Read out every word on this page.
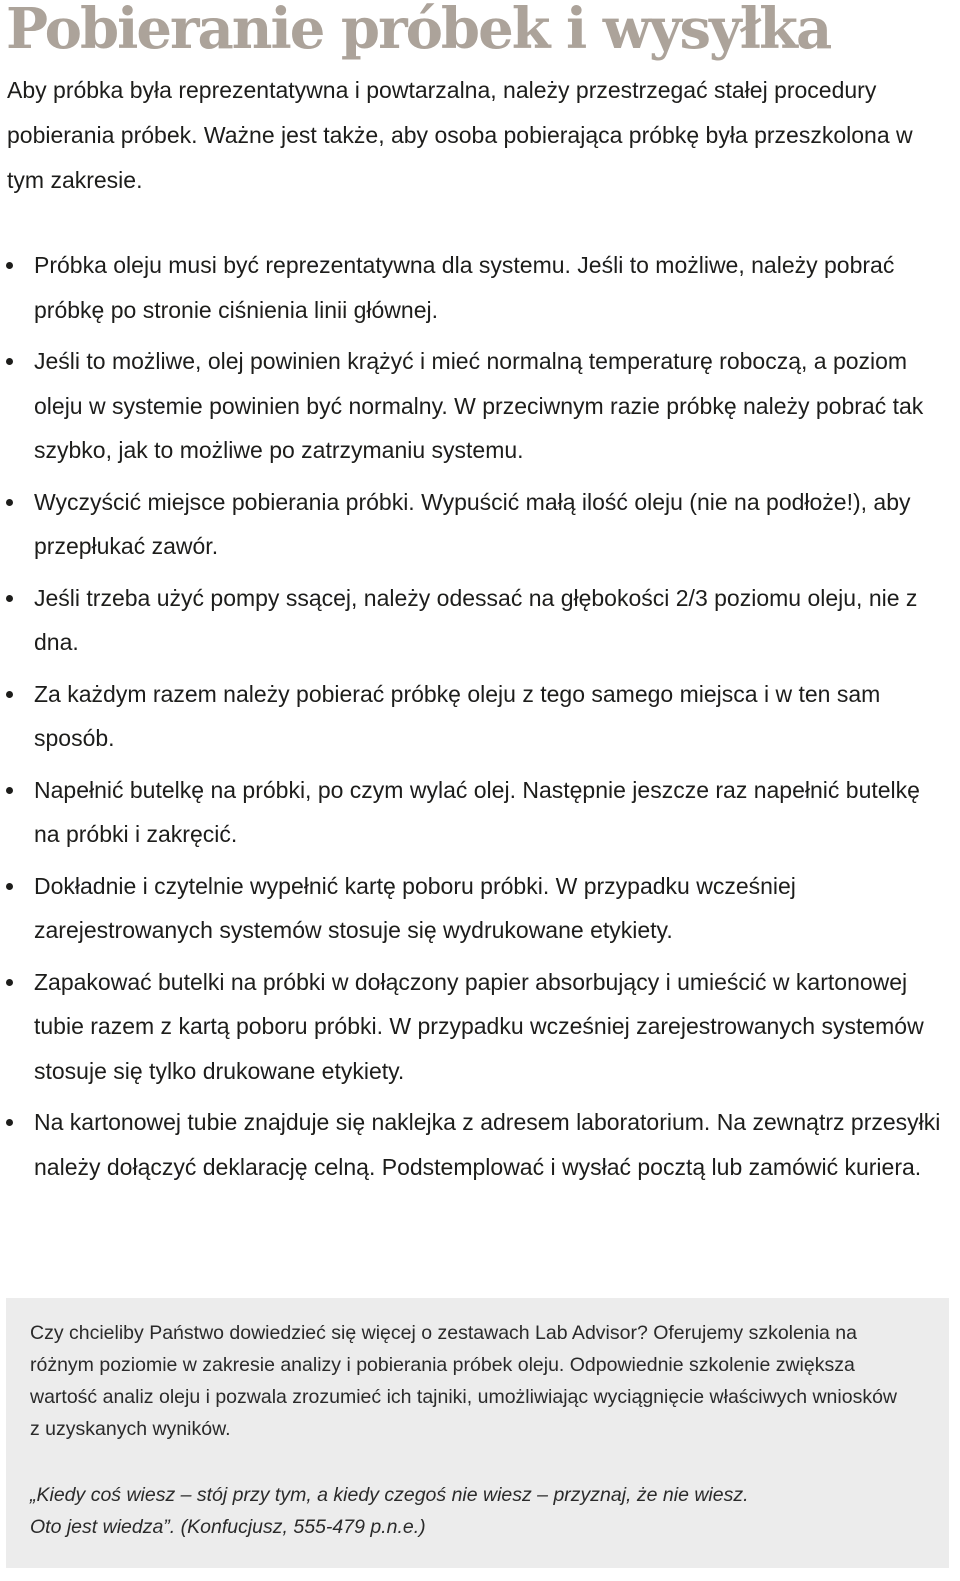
Pobieranie próbek i wysyłka

Aby próbka była reprezentatywna i powtarzalna, należy przestrzegać stałej procedury pobierania próbek. Ważne jest także, aby osoba pobierająca próbkę była przeszkolona w tym zakresie.

Próbka oleju musi być reprezentatywna dla systemu. Jeśli to możliwe, należy pobrać próbkę po stronie ciśnienia linii głównej.
Jeśli to możliwe, olej powinien krążyć i mieć normalną temperaturę roboczą, a poziom oleju w systemie powinien być normalny. W przeciwnym razie próbkę należy pobrać tak szybko, jak to możliwe po zatrzymaniu systemu.
Wyczyścić miejsce pobierania próbki. Wypuścić małą ilość oleju (nie na podłoże!), aby przepłukać zawór.
Jeśli trzeba użyć pompy ssącej, należy odessać na głębokości 2/3 poziomu oleju, nie z dna.
Za każdym razem należy pobierać próbkę oleju z tego samego miejsca i w ten sam sposób.
Napełnić butelkę na próbki, po czym wylać olej. Następnie jeszcze raz napełnić butelkę na próbki i zakręcić.
Dokładnie i czytelnie wypełnić kartę poboru próbki. W przypadku wcześniej zarejestrowanych systemów stosuje się wydrukowane etykiety.
Zapakować butelki na próbki w dołączony papier absorbujący i umieścić w kartonowej tubie razem z kartą poboru próbki. W przypadku wcześniej zarejestrowanych systemów stosuje się tylko drukowane etykiety.
Na kartonowej tubie znajduje się naklejka z adresem laboratorium. Na zewnątrz przesyłki należy dołączyć deklarację celną. Podstemplować i wysłać pocztą lub zamówić kuriera.

Czy chcieliby Państwo dowiedzieć się więcej o zestawach Lab Advisor? Oferujemy szkolenia na różnym poziomie w zakresie analizy i pobierania próbek oleju. Odpowiednie szkolenie zwiększa wartość analiz oleju i pozwala zrozumieć ich tajniki, umożliwiając wyciągnięcie właściwych wniosków z uzyskanych wyników.

„Kiedy coś wiesz – stój przy tym, a kiedy czegoś nie wiesz – przyznaj, że nie wiesz.
Oto jest wiedza”. (Konfucjusz, 555-479 p.n.e.)
